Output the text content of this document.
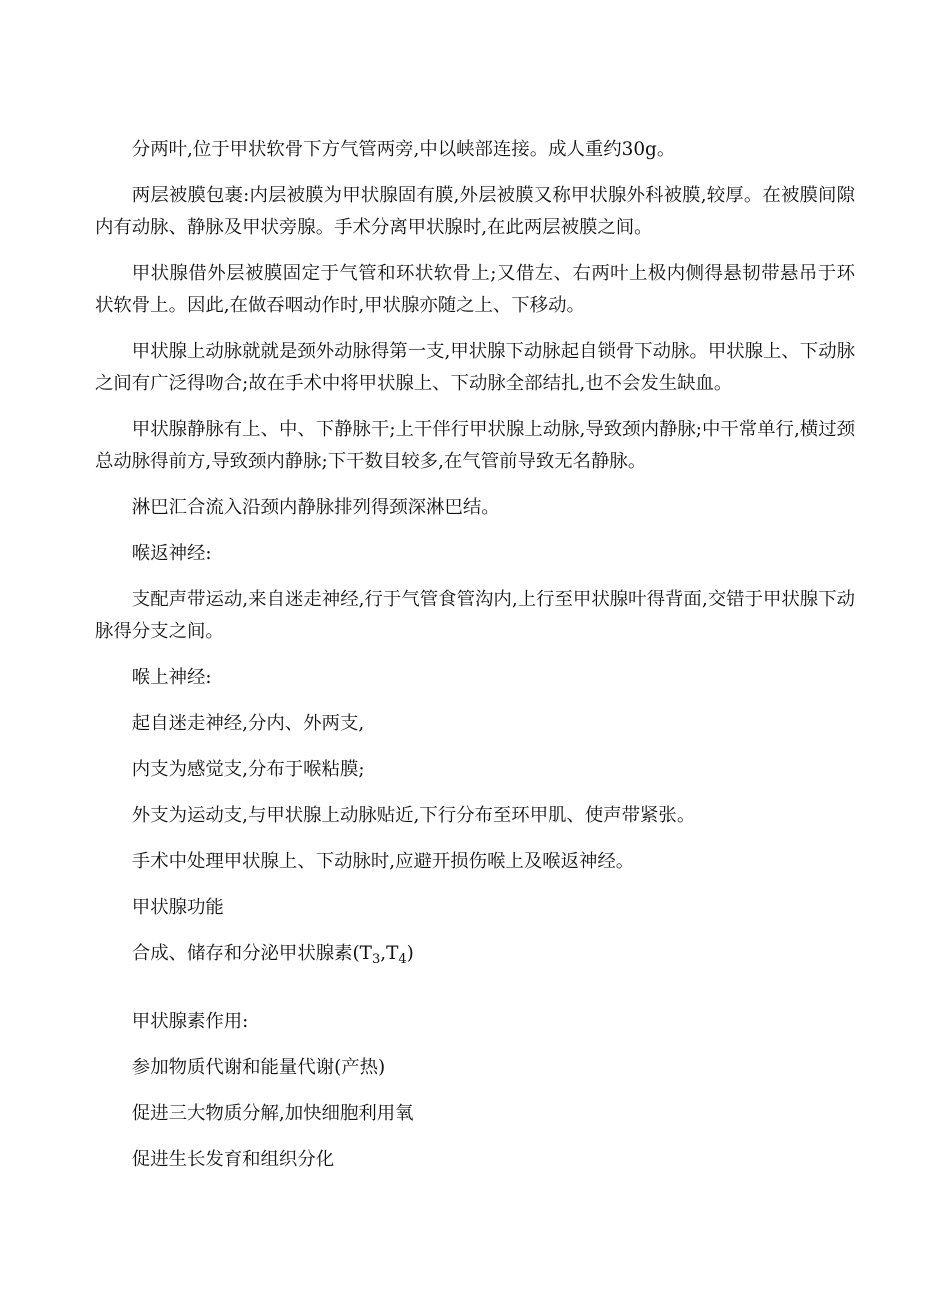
分两叶,位于甲状软骨下方气管两旁,中以峡部连接。成人重约30g。

两层被膜包裹:内层被膜为甲状腺固有膜,外层被膜又称甲状腺外科被膜,较厚。在被膜间隙内有动脉、静脉及甲状旁腺。手术分离甲状腺时,在此两层被膜之间。

甲状腺借外层被膜固定于气管和环状软骨上;又借左、右两叶上极内侧得悬韧带悬吊于环状软骨上。因此,在做吞咽动作时,甲状腺亦随之上、下移动。

甲状腺上动脉就就是颈外动脉得第一支,甲状腺下动脉起自锁骨下动脉。甲状腺上、下动脉之间有广泛得吻合;故在手术中将甲状腺上、下动脉全部结扎,也不会发生缺血。

甲状腺静脉有上、中、下静脉干;上干伴行甲状腺上动脉,导致颈内静脉;中干常单行,横过颈总动脉得前方,导致颈内静脉;下干数目较多,在气管前导致无名静脉。

淋巴汇合流入沿颈内静脉排列得颈深淋巴结。

喉返神经:

支配声带运动,来自迷走神经,行于气管食管沟内,上行至甲状腺叶得背面,交错于甲状腺下动脉得分支之间。

喉上神经:

起自迷走神经,分内、外两支,

内支为感觉支,分布于喉粘膜;

外支为运动支,与甲状腺上动脉贴近,下行分布至环甲肌、使声带紧张。

手术中处理甲状腺上、下动脉时,应避开损伤喉上及喉返神经。

甲状腺功能

合成、储存和分泌甲状腺素$(T_3,T_4)$

甲状腺素作用:

参加物质代谢和能量代谢(产热)

促进三大物质分解,加快细胞利用氧

促进生长发育和组织分化
